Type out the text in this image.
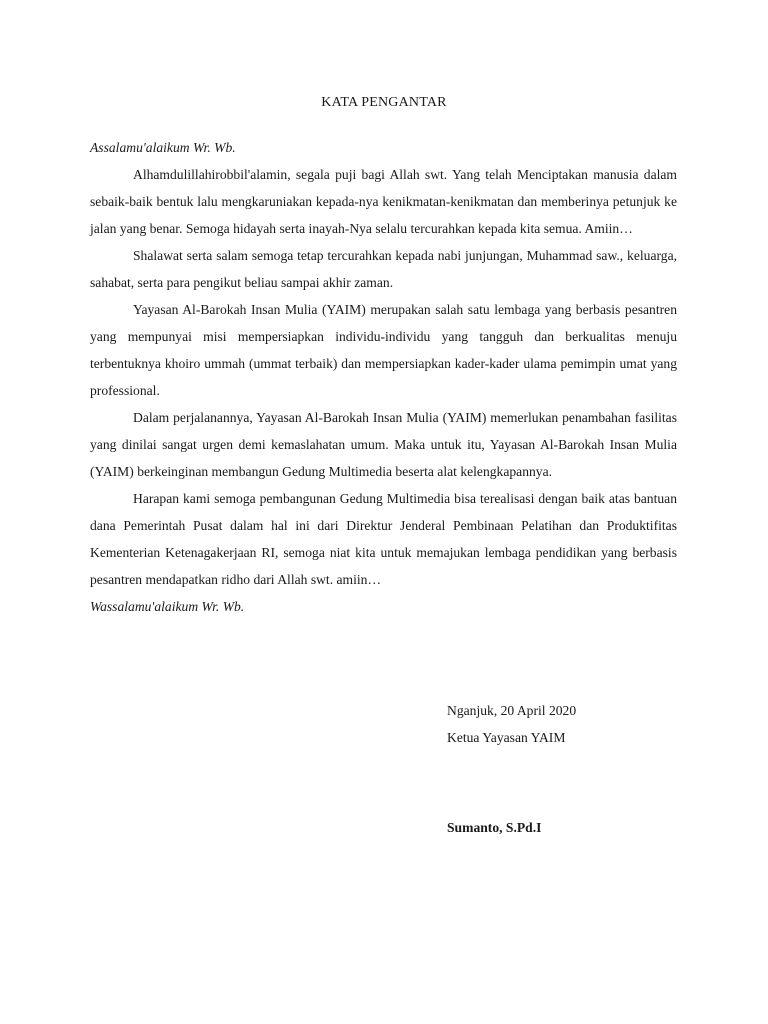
KATA PENGANTAR
Assalamu'alaikum Wr. Wb.

Alhamdulillahirobbil'alamin, segala puji bagi Allah swt. Yang telah Menciptakan manusia dalam sebaik-baik bentuk lalu mengkaruniakan kepada-nya kenikmatan-kenikmatan dan memberinya petunjuk ke jalan yang benar. Semoga hidayah serta inayah-Nya selalu tercurahkan kepada kita semua. Amiin…

Shalawat serta salam semoga tetap tercurahkan kepada nabi junjungan, Muhammad saw., keluarga, sahabat, serta para pengikut beliau sampai akhir zaman.

Yayasan Al-Barokah Insan Mulia (YAIM) merupakan salah satu lembaga yang berbasis pesantren yang mempunyai misi mempersiapkan individu-individu yang tangguh dan berkualitas menuju terbentuknya khoiro ummah (ummat terbaik) dan mempersiapkan kader-kader ulama pemimpin umat yang professional.

Dalam perjalanannya, Yayasan Al-Barokah Insan Mulia (YAIM) memerlukan penambahan fasilitas yang dinilai sangat urgen demi kemaslahatan umum. Maka untuk itu, Yayasan Al-Barokah Insan Mulia (YAIM) berkeinginan membangun Gedung Multimedia beserta alat kelengkapannya.

Harapan kami semoga pembangunan Gedung Multimedia bisa terealisasi dengan baik atas bantuan dana Pemerintah Pusat dalam hal ini dari Direktur Jenderal Pembinaan Pelatihan dan Produktifitas Kementerian Ketenagakerjaan RI, semoga niat kita untuk memajukan lembaga pendidikan yang berbasis pesantren mendapatkan ridho dari Allah swt. amiin…

Wassalamu'alaikum Wr. Wb.
Nganjuk, 20 April 2020
Ketua Yayasan YAIM
Sumanto, S.Pd.I
